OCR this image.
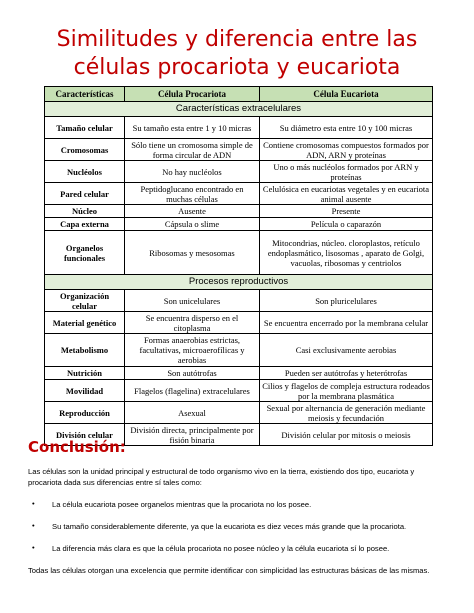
Similitudes y diferencia entre las
células procariota y eucariota
Características	Célula Procariota	Célula Eucariota
Características extracelulares		
Tamaño celular	Su tamaño esta entre 1 y 10 micras	Su diámetro esta entre 10 y 100 micras
Cromosomas	Sólo tiene un cromosoma simple de forma circular de ADN	Contiene cromosomas compuestos formados por ADN, ARN y proteínas
Nucléolos	No hay nucléolos	Uno o más nucléolos formados por ARN y proteínas
Pared celular	Peptidoglucano encontrado en muchas células	Celulósica en eucariotas vegetales y en eucariota animal ausente
Núcleo	Ausente	Presente
Capa externa	Cápsula o slime	Película o caparazón
Organelos funcionales	Ribosomas y mesosomas	Mitocondrias, núcleo. cloroplastos, retículo endoplasmático, lisosomas , aparato de Golgi, vacuolas, ribosomas y centriolos
Procesos reproductivos		
Organización celular	Son unicelulares	Son pluricelulares
Material genético	Se encuentra disperso en el citoplasma	Se encuentra encerrado por la membrana celular
Metabolismo	Formas anaerobias estrictas, facultativas, microaerofílicas y aerobias	Casi exclusivamente aerobias
Nutrición	Son autótrofas	Pueden ser autótrofas y heterótrofas
Movilidad	Flagelos (flagelina) extracelulares	Cilios y flagelos de compleja estructura rodeados por la membrana plasmática
Reproducción	Asexual	Sexual por alternancia de generación mediante meiosis y fecundación
División celular	División directa, principalmente por fisión binaria	División celular por mitosis o meiosis
Conclusión:
Las células son la unidad principal y estructural de todo organismo vivo en la tierra, existiendo dos tipo, eucariota y procariota dada sus diferencias entre sí tales como:
• La célula eucariota posee organelos mientras que la procariota no los posee.
• Su tamaño considerablemente diferente, ya que la eucariota es diez veces más grande que la procariota.
• La diferencia más clara es que la célula procariota no posee núcleo y la célula eucariota sí lo posee.
Todas las células otorgan una excelencia que permite identificar con simplicidad las estructuras básicas de las mismas.
